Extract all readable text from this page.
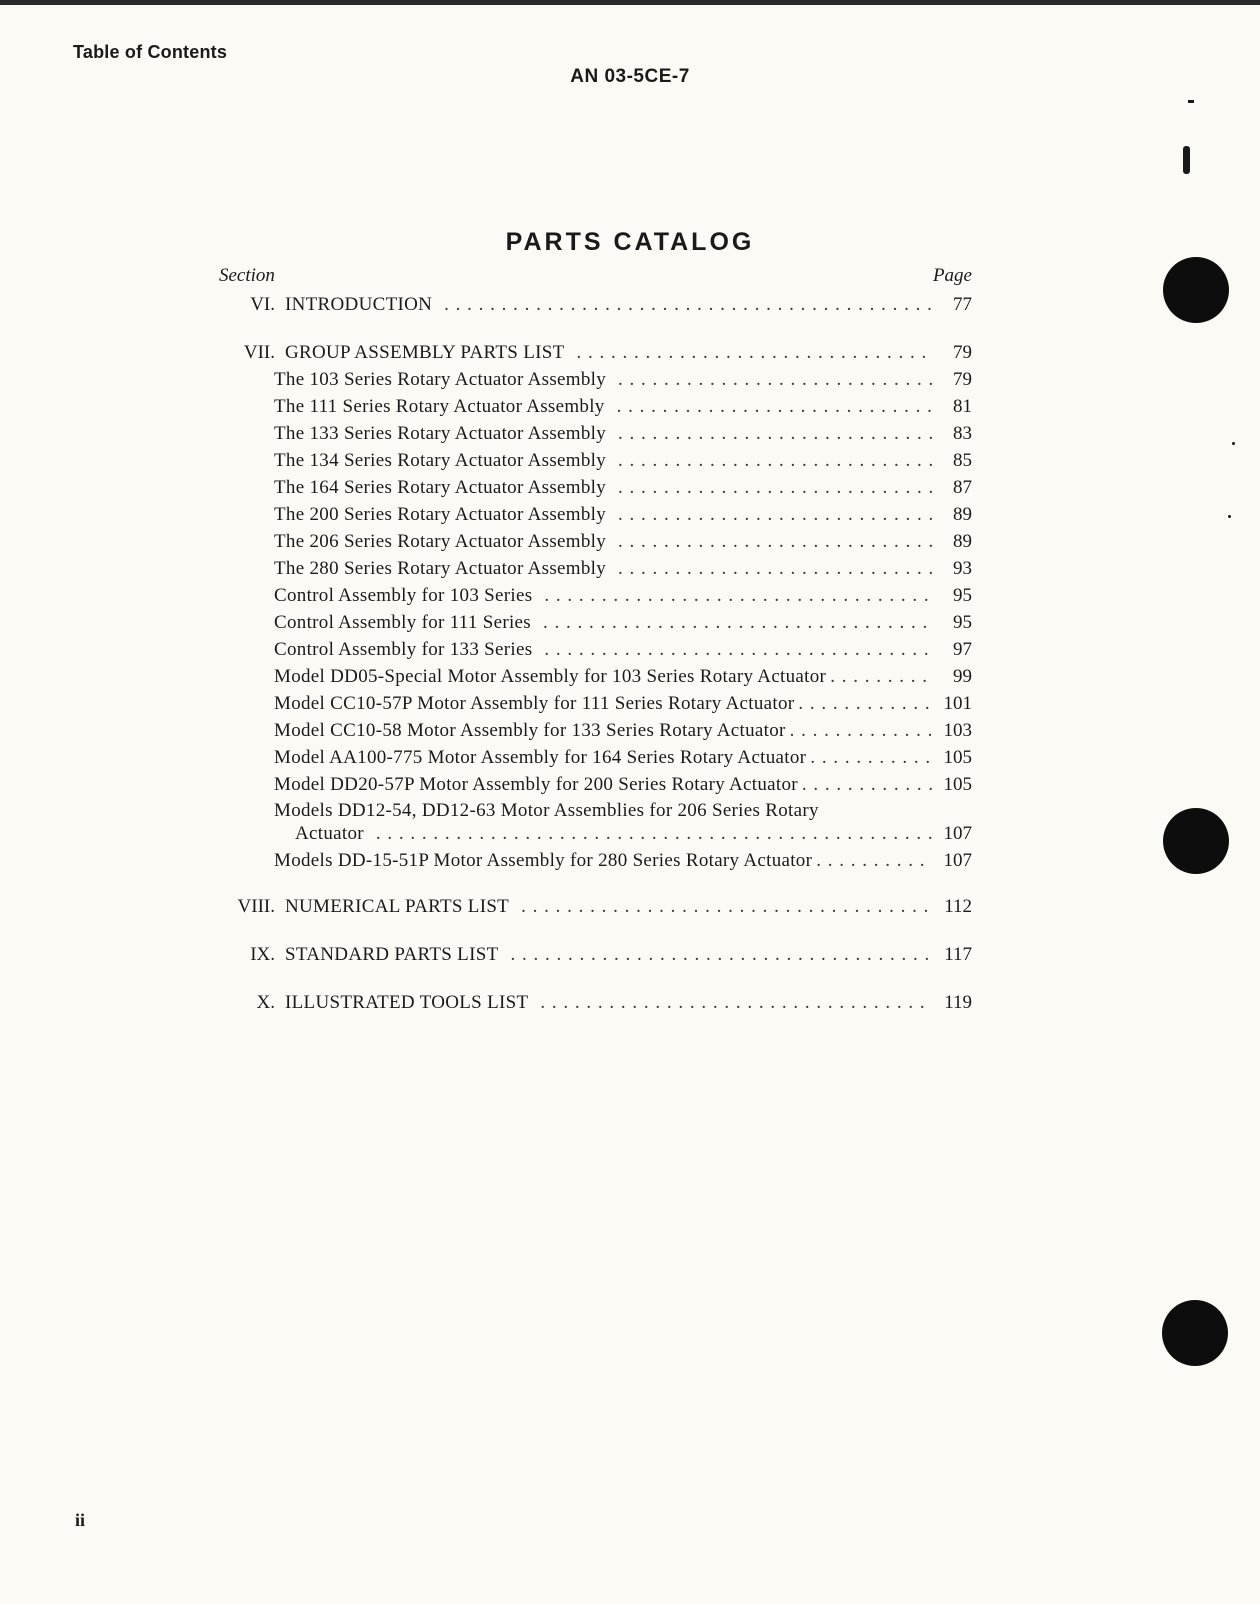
Table of Contents
AN 03-5CE-7
PARTS CATALOG
Section	Page
VI. INTRODUCTION . . .	77
VII. GROUP ASSEMBLY PARTS LIST . . .	79
The 103 Series Rotary Actuator Assembly . . .	79
The 111 Series Rotary Actuator Assembly . . .	81
The 133 Series Rotary Actuator Assembly . . .	83
The 134 Series Rotary Actuator Assembly . . .	85
The 164 Series Rotary Actuator Assembly . . .	87
The 200 Series Rotary Actuator Assembly . . .	89
The 206 Series Rotary Actuator Assembly . . .	89
The 280 Series Rotary Actuator Assembly . . .	93
Control Assembly for 103 Series . . .	95
Control Assembly for 111 Series . . .	95
Control Assembly for 133 Series . . .	97
Model DD05-Special Motor Assembly for 103 Series Rotary Actuator . . .	99
Model CC10-57P Motor Assembly for 111 Series Rotary Actuator . . .	101
Model CC10-58 Motor Assembly for 133 Series Rotary Actuator . . .	103
Model AA100-775 Motor Assembly for 164 Series Rotary Actuator . . .	105
Model DD20-57P Motor Assembly for 200 Series Rotary Actuator . . .	105
Models DD12-54, DD12-63 Motor Assemblies for 206 Series Rotary
Actuator . . .	107
Models DD-15-51P Motor Assembly for 280 Series Rotary Actuator . . .	107
VIII. NUMERICAL PARTS LIST . . .	112
IX. STANDARD PARTS LIST . . .	117
X. ILLUSTRATED TOOLS LIST . . .	119
ii
